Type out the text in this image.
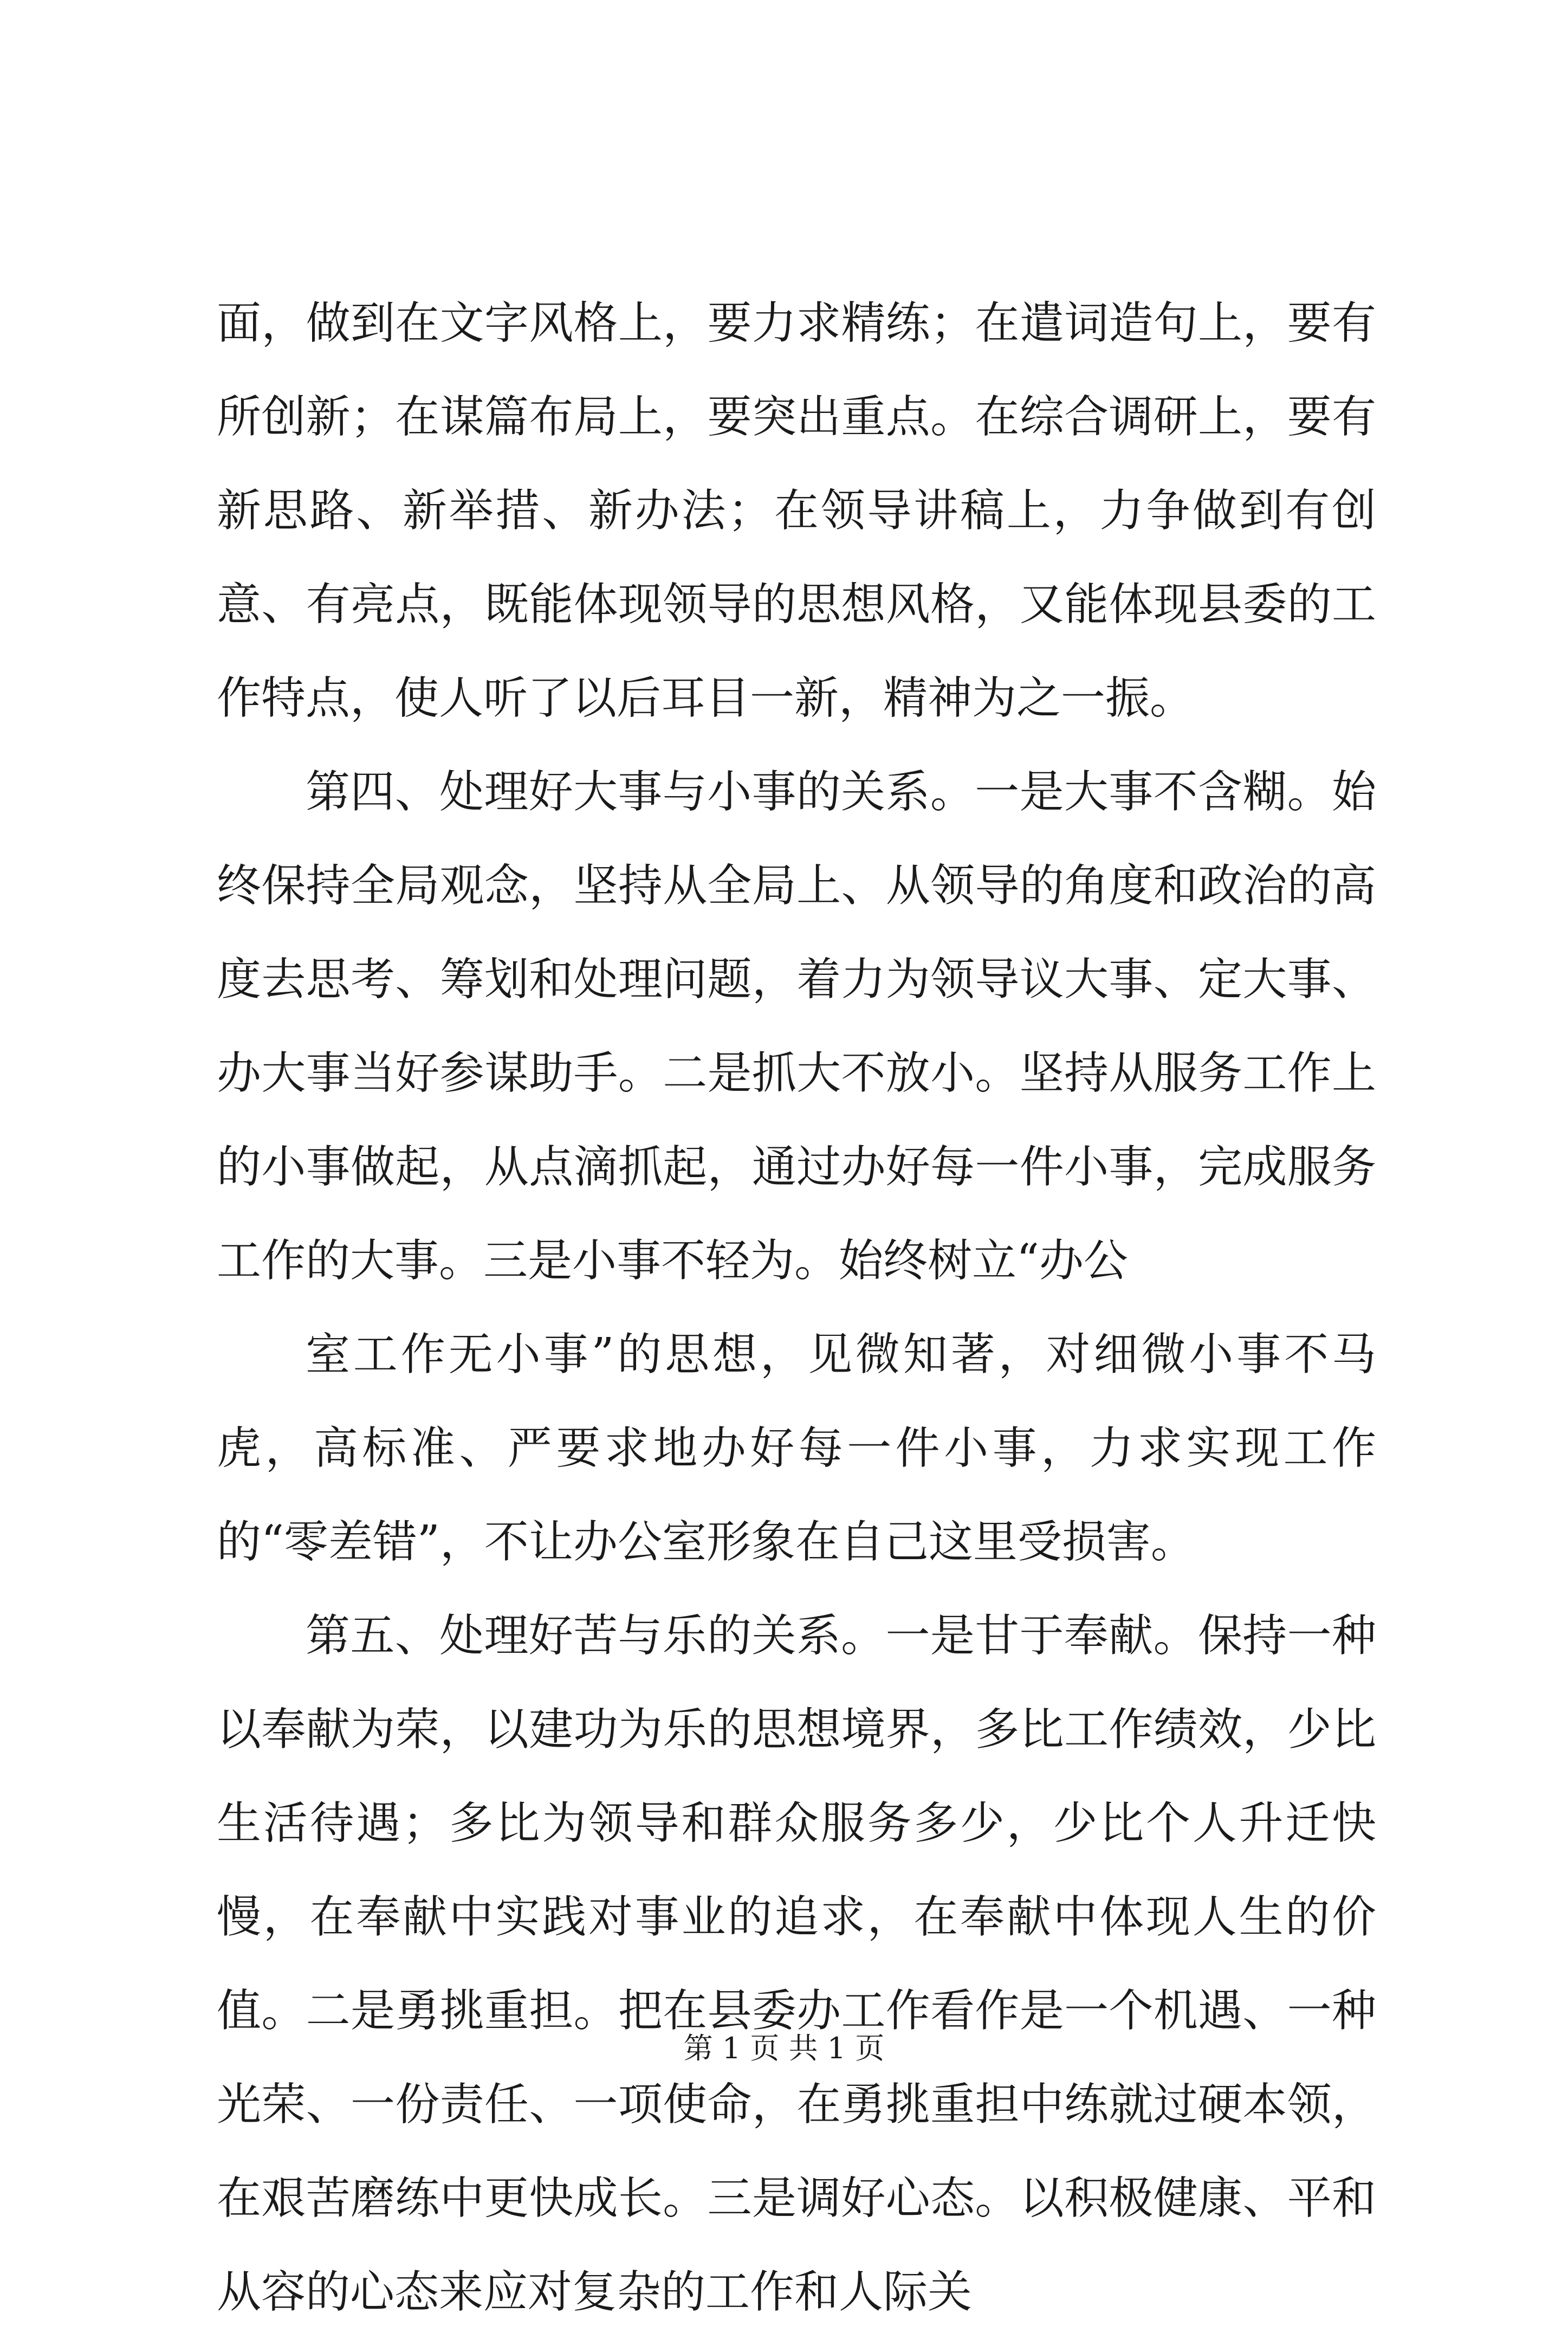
面，做到在文字风格上，要力求精练；在遣词造句上，要有所创新；在谋篇布局上，要突出重点。在综合调研上，要有新思路、新举措、新办法；在领导讲稿上，力争做到有创意、有亮点，既能体现领导的思想风格，又能体现县委的工作特点，使人听了以后耳目一新，精神为之一振。

第四、处理好大事与小事的关系。一是大事不含糊。始终保持全局观念，坚持从全局上、从领导的角度和政治的高度去思考、筹划和处理问题，着力为领导议大事、定大事、办大事当好参谋助手。二是抓大不放小。坚持从服务工作上的小事做起，从点滴抓起，通过办好每一件小事，完成服务工作的大事。三是小事不轻为。始终树立“办公

室工作无小事”的思想，见微知著，对细微小事不马虎，高标准、严要求地办好每一件小事，力求实现工作的“零差错”，不让办公室形象在自己这里受损害。

第五、处理好苦与乐的关系。一是甘于奉献。保持一种以奉献为荣，以建功为乐的思想境界，多比工作绩效，少比生活待遇；多比为领导和群众服务多少，少比个人升迁快慢，在奉献中实践对事业的追求，在奉献中体现人生的价值。二是勇挑重担。把在县委办工作看作是一个机遇、一种光荣、一份责任、一项使命，在勇挑重担中练就过硬本领，在艰苦磨练中更快成长。三是调好心态。以积极健康、平和从容的心态来应对复杂的工作和人际关

第 1 页 共 1 页
